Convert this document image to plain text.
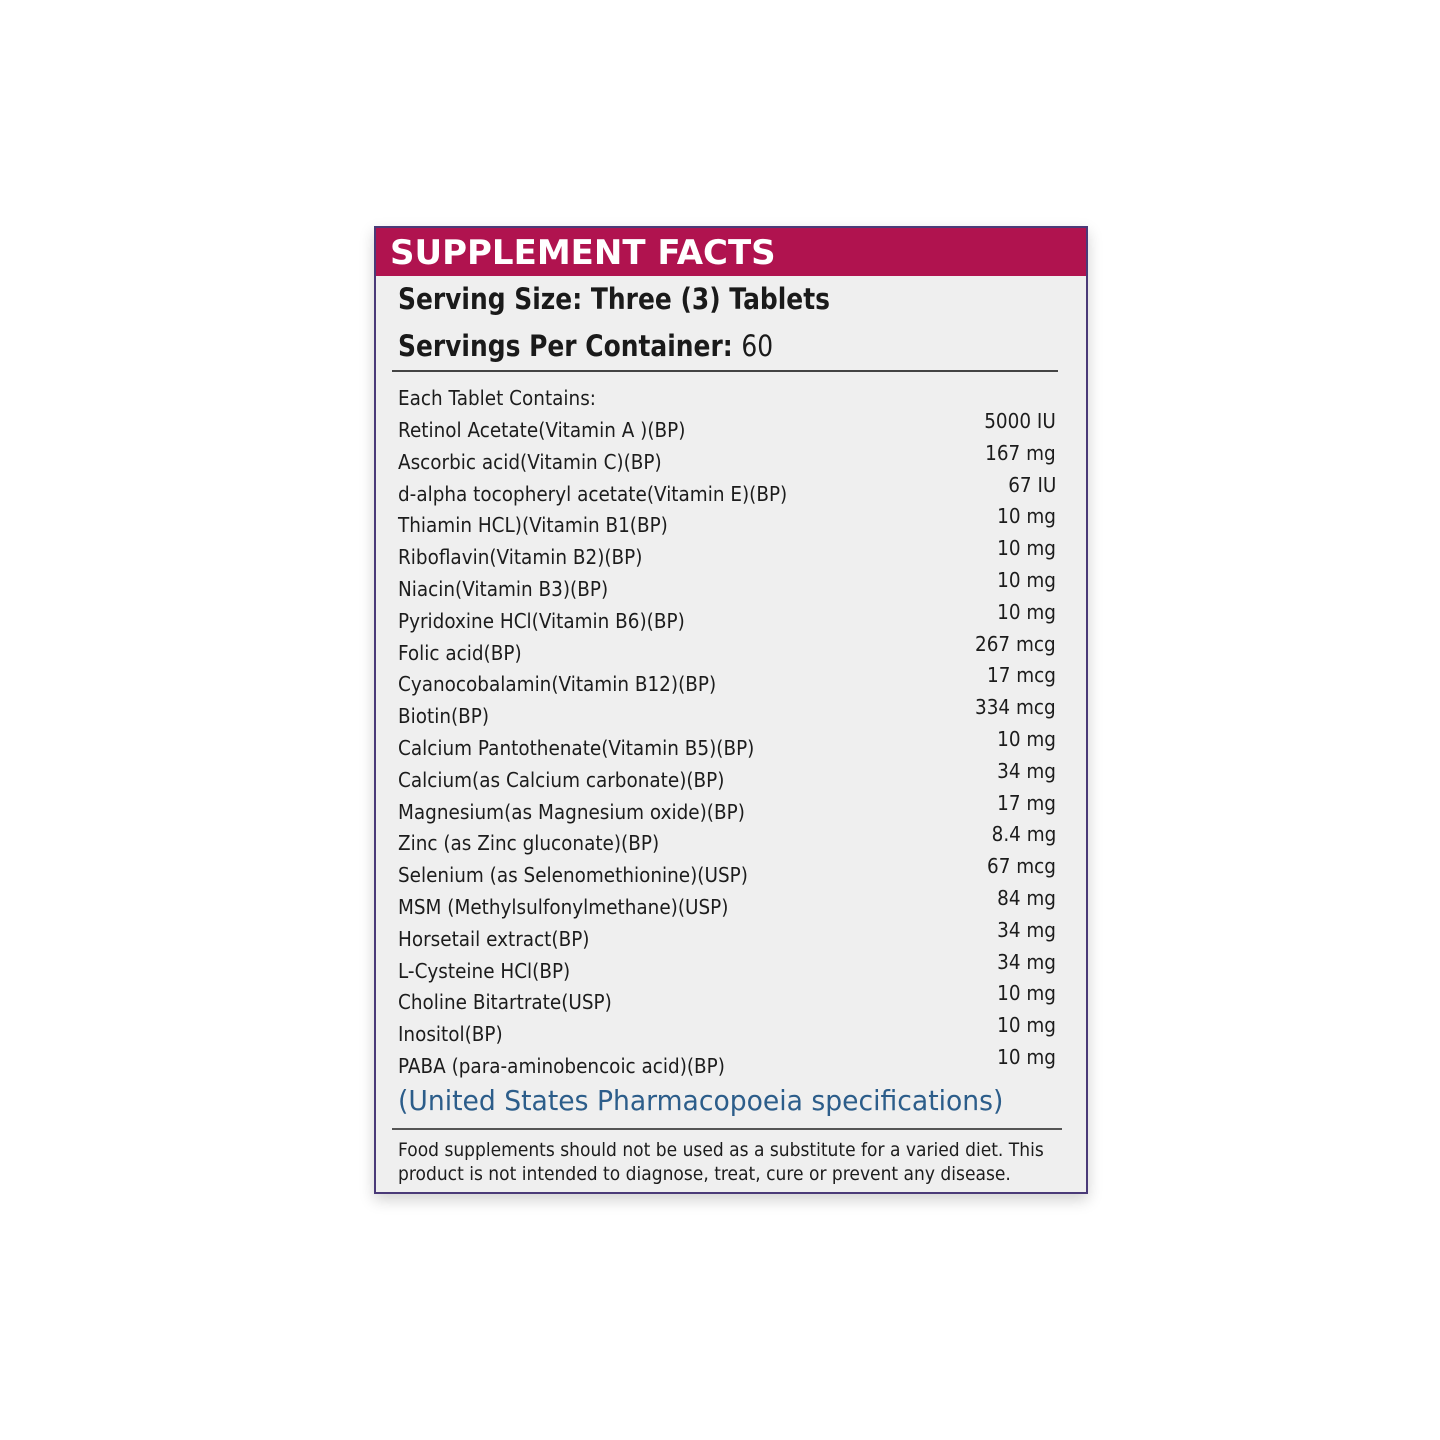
SUPPLEMENT FACTS
Serving Size: Three (3) Tablets
Servings Per Container: 60
Each Tablet Contains:
Retinol Acetate(Vitamin A )(BP)	5000 IU
Ascorbic acid(Vitamin C)(BP)	167 mg
d-alpha tocopheryl acetate(Vitamin E)(BP)	67 IU
Thiamin HCL)(Vitamin B1(BP)	10 mg
Riboflavin(Vitamin B2)(BP)	10 mg
Niacin(Vitamin B3)(BP)	10 mg
Pyridoxine HCl(Vitamin B6)(BP)	10 mg
Folic acid(BP)	267 mcg
Cyanocobalamin(Vitamin B12)(BP)	17 mcg
Biotin(BP)	334 mcg
Calcium Pantothenate(Vitamin B5)(BP)	10 mg
Calcium(as Calcium carbonate)(BP)	34 mg
Magnesium(as Magnesium oxide)(BP)	17 mg
Zinc (as Zinc gluconate)(BP)	8.4 mg
Selenium (as Selenomethionine)(USP)	67 mcg
MSM (Methylsulfonylmethane)(USP)	84 mg
Horsetail extract(BP)	34 mg
L-Cysteine HCl(BP)	34 mg
Choline Bitartrate(USP)	10 mg
Inositol(BP)	10 mg
PABA (para-aminobencoic acid)(BP)	10 mg
(United States Pharmacopoeia specifications)
Food supplements should not be used as a substitute for a varied diet. This product is not intended to diagnose, treat, cure or prevent any disease.
